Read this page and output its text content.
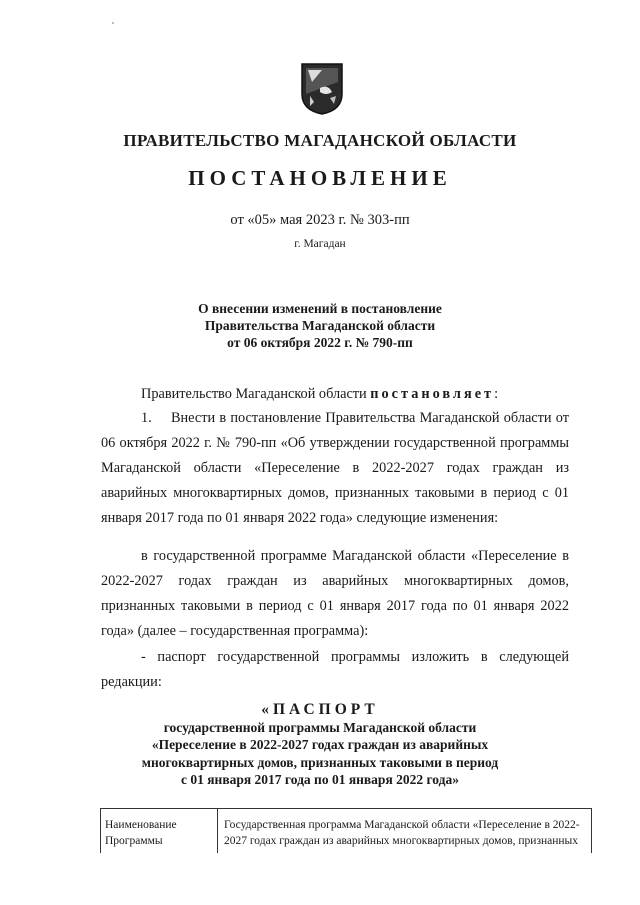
ПРАВИТЕЛЬСТВО МАГАДАНСКОЙ ОБЛАСТИ
ПОСТАНОВЛЕНИЕ
от «05» мая 2023 г. № 303-пп
г. Магадан
О внесении изменений в постановление
Правительства Магаданской области
от 06 октября 2022 г. № 790-пп

Правительство Магаданской области постановляет:

1. Внести в постановление Правительства Магаданской области от 06 октября 2022 г. № 790-пп «Об утверждении государственной программы Магаданской области «Переселение в 2022-2027 годах граждан из аварийных многоквартирных домов, признанных таковыми в период с 01 января 2017 года по 01 января 2022 года» следующие изменения:

в государственной программе Магаданской области «Переселение в 2022-2027 годах граждан из аварийных многоквартирных домов, признанных таковыми в период с 01 января 2017 года по 01 января 2022 года» (далее – государственная программа):

- паспорт государственной программы изложить в следующей редакции:

«ПАСПОРТ
государственной программы Магаданской области
«Переселение в 2022-2027 годах граждан из аварийных
многоквартирных домов, признанных таковыми в период
с 01 января 2017 года по 01 января 2022 года»
Наименование
Программы
Государственная программа Магаданской области «Переселение в 2022-
2027 годах граждан из аварийных многоквартирных домов, признанных
